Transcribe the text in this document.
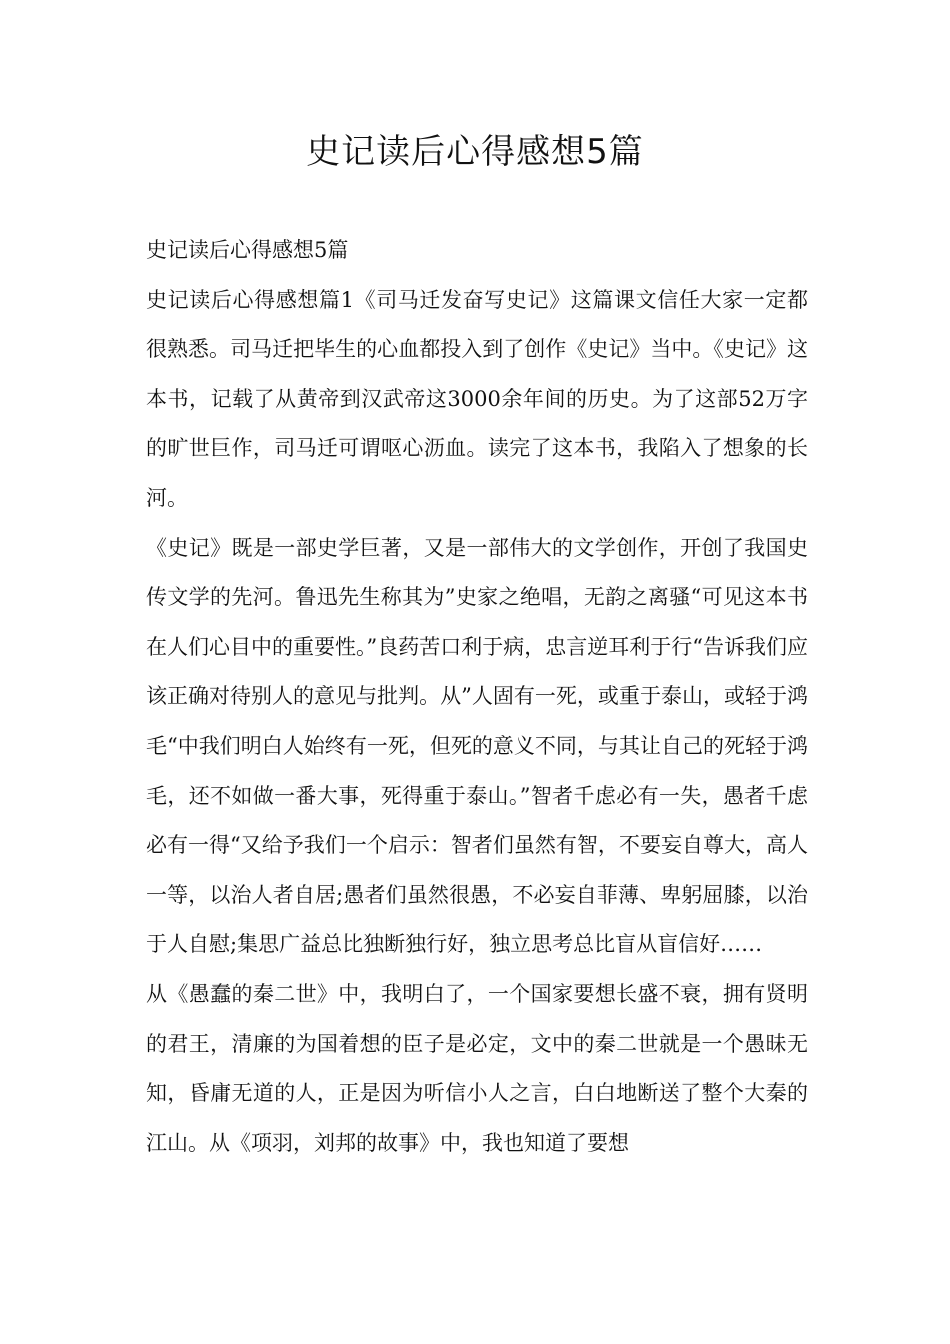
史记读后心得感想5篇

史记读后心得感想5篇

史记读后心得感想篇1《司马迁发奋写史记》这篇课文信任大家一定都很熟悉。司马迁把毕生的心血都投入到了创作《史记》当中。《史记》这本书，记载了从黄帝到汉武帝这3000余年间的历史。为了这部52万字的旷世巨作，司马迁可谓呕心沥血。读完了这本书，我陷入了想象的长河。

《史记》既是一部史学巨著，又是一部伟大的文学创作，开创了我国史传文学的先河。鲁迅先生称其为”史家之绝唱，无韵之离骚“可见这本书在人们心目中的重要性。”良药苦口利于病，忠言逆耳利于行“告诉我们应该正确对待别人的意见与批判。从”人固有一死，或重于泰山，或轻于鸿毛“中我们明白人始终有一死，但死的意义不同，与其让自己的死轻于鸿毛，还不如做一番大事，死得重于泰山。”智者千虑必有一失，愚者千虑必有一得“又给予我们一个启示：智者们虽然有智，不要妄自尊大，高人一等，以治人者自居;愚者们虽然很愚，不必妄自菲薄、卑躬屈膝，以治于人自慰;集思广益总比独断独行好，独立思考总比盲从盲信好……

从《愚蠢的秦二世》中，我明白了，一个国家要想长盛不衰，拥有贤明的君王，清廉的为国着想的臣子是必定，文中的秦二世就是一个愚昧无知，昏庸无道的人，正是因为听信小人之言，白白地断送了整个大秦的江山。从《项羽，刘邦的故事》中，我也知道了要想
